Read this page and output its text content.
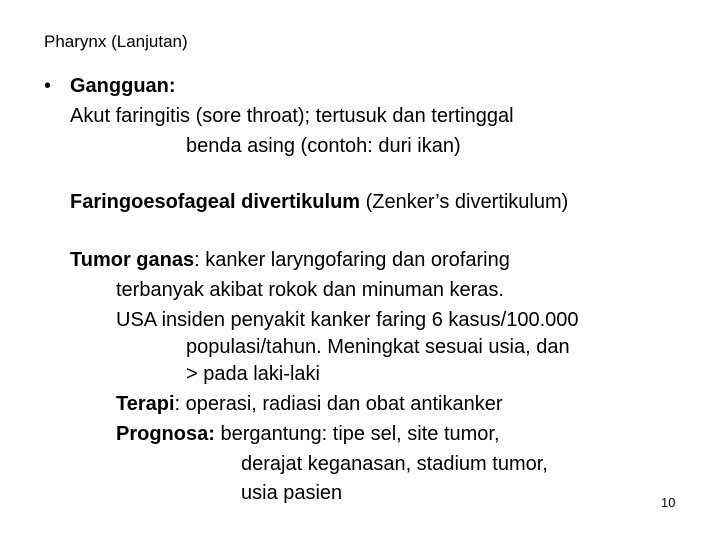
Pharynx (Lanjutan)
• Gangguan:
Akut faringitis (sore throat); tertusuk dan tertinggal
benda asing (contoh: duri ikan)
Faringoesofageal divertikulum (Zenker’s divertikulum)
Tumor ganas: kanker laryngofaring dan orofaring
terbanyak akibat rokok dan minuman keras.
USA insiden penyakit kanker faring 6 kasus/100.000
populasi/tahun. Meningkat sesuai usia, dan
> pada laki-laki
Terapi: operasi, radiasi dan obat antikanker
Prognosa: bergantung: tipe sel, site tumor,
derajat keganasan, stadium tumor,
usia pasien	10
